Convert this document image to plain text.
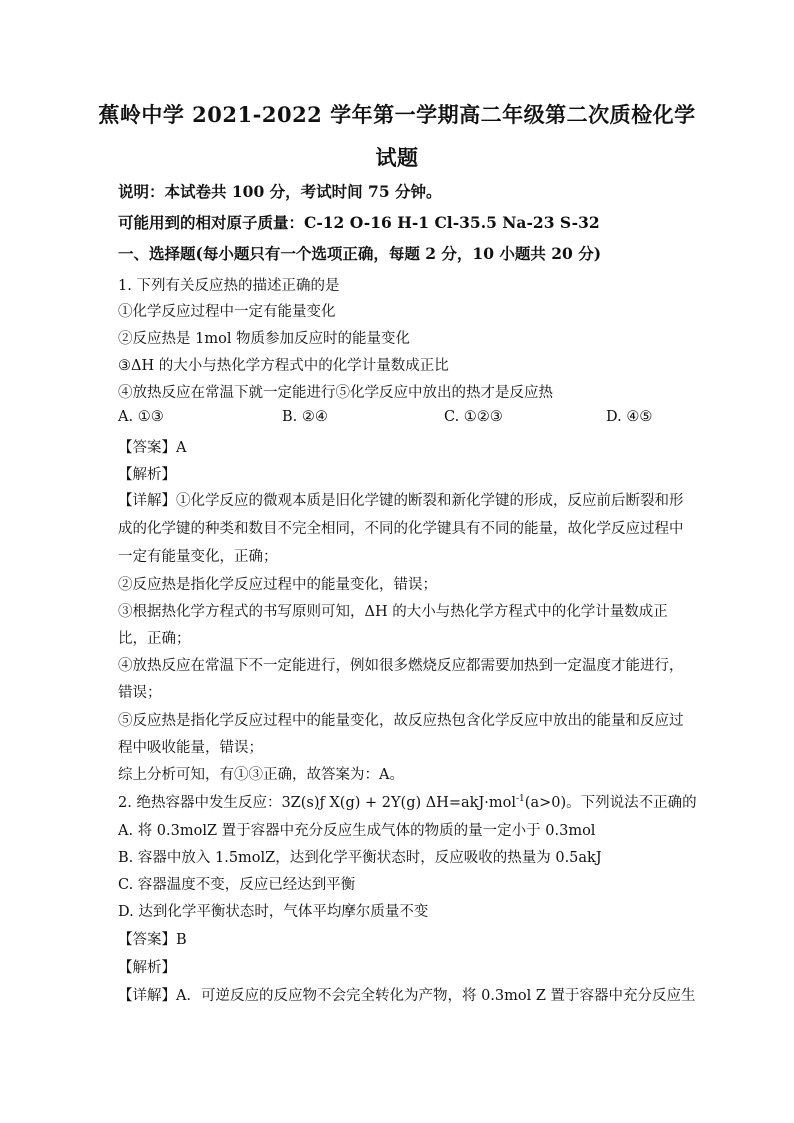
蕉岭中学 2021-2022 学年第一学期高二年级第二次质检化学
试题
说明：本试卷共 100 分，考试时间 75 分钟。
可能用到的相对原子质量：C-12 O-16 H-1 Cl-35.5 Na-23 S-32
一、选择题(每小题只有一个选项正确，每题 2 分，10 小题共 20 分)
1. 下列有关反应热的描述正确的是
①化学反应过程中一定有能量变化
②反应热是 1mol 物质参加反应时的能量变化
③ΔH 的大小与热化学方程式中的化学计量数成正比
④放热反应在常温下就一定能进行⑤化学反应中放出的热才是反应热
A. ①③	B. ②④	C. ①②③	D. ④⑤
【答案】A
【解析】
【详解】①化学反应的微观本质是旧化学键的断裂和新化学键的形成，反应前后断裂和形
成的化学键的种类和数目不完全相同，不同的化学键具有不同的能量，故化学反应过程中
一定有能量变化，正确；
②反应热是指化学反应过程中的能量变化，错误；
③根据热化学方程式的书写原则可知，ΔH 的大小与热化学方程式中的化学计量数成正
比，正确；
④放热反应在常温下不一定能进行，例如很多燃烧反应都需要加热到一定温度才能进行，
错误；
⑤反应热是指化学反应过程中的能量变化，故反应热包含化学反应中放出的能量和反应过
程中吸收能量，错误；
综上分析可知，有①③正确，故答案为：A。
2. 绝热容器中发生反应：3Z(s)ƒ X(g) + 2Y(g) ΔH=akJ·mol$^{-1}$(a>0)。下列说法不正确的
A. 将 0.3molZ 置于容器中充分反应生成气体的物质的量一定小于 0.3mol
B. 容器中放入 1.5molZ，达到化学平衡状态时，反应吸收的热量为 0.5akJ
C. 容器温度不变，反应已经达到平衡
D. 达到化学平衡状态时，气体平均摩尔质量不变
【答案】B
【解析】
【详解】A．可逆反应的反应物不会完全转化为产物，将 0.3mol Z 置于容器中充分反应生
